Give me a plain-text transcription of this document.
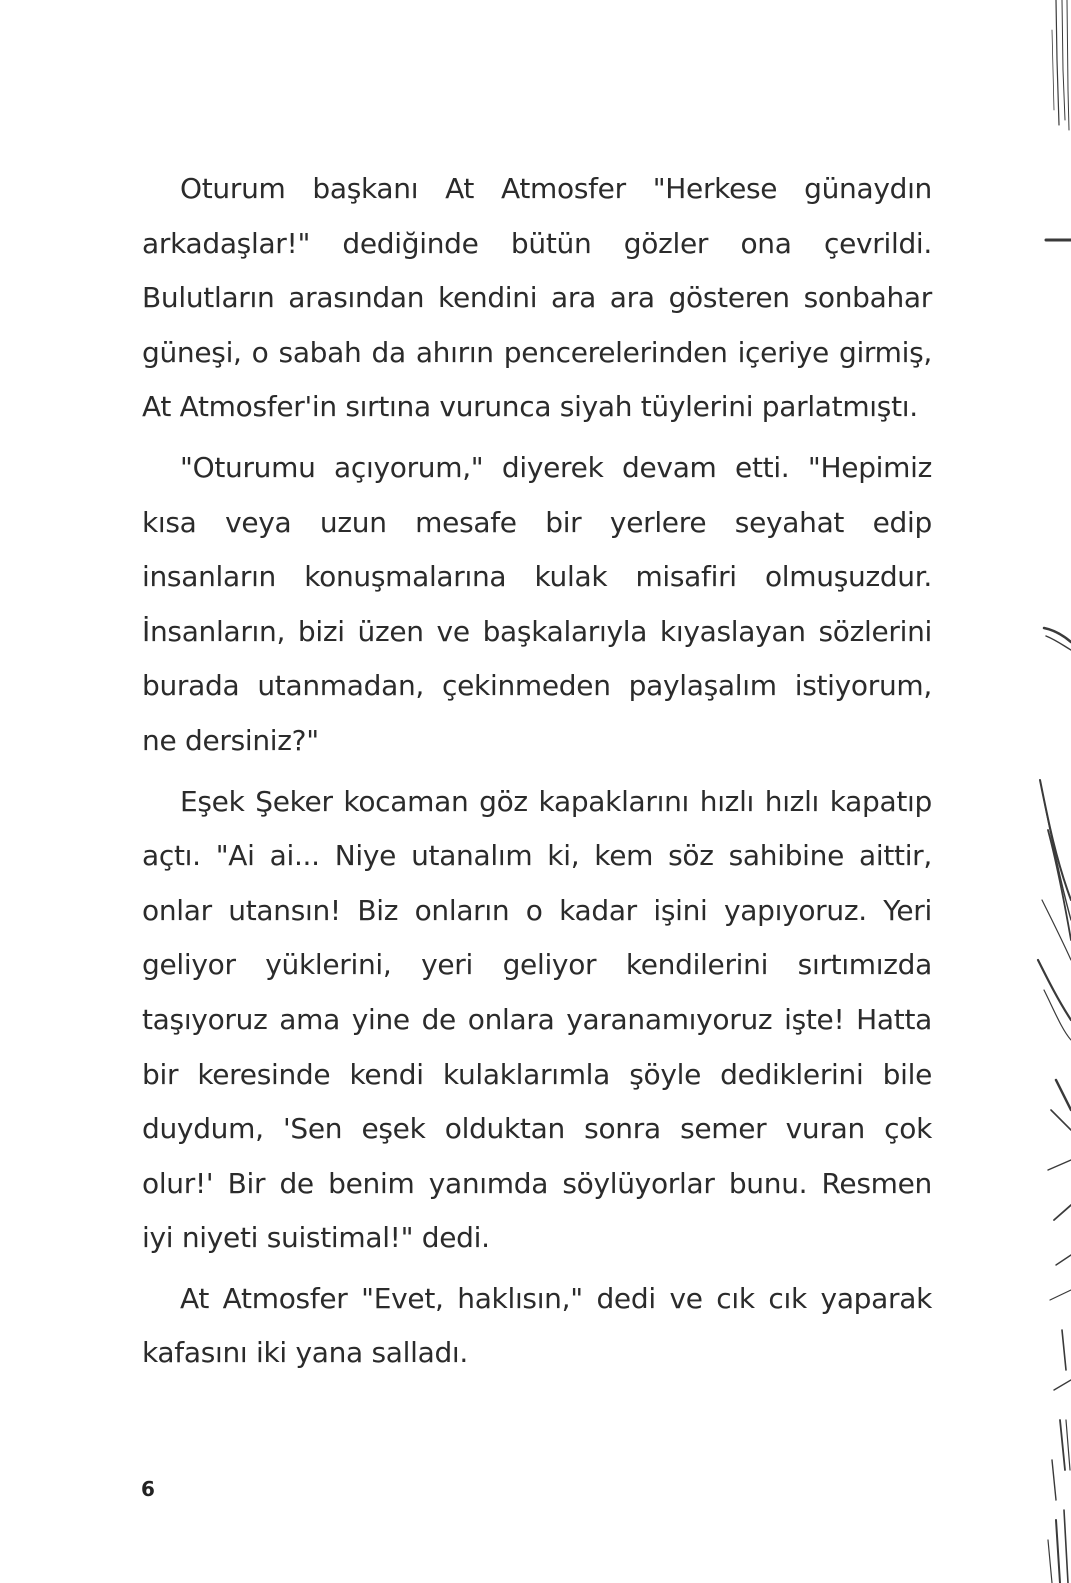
Oturum başkanı At Atmosfer "Herkese günaydın arkadaşlar!" dediğinde bütün gözler ona çevrildi. Bulutların arasından kendini ara ara gösteren sonbahar güneşi, o sabah da ahırın pencerelerinden içeriye girmiş, At Atmosfer'in sırtına vurunca siyah tüylerini parlatmıştı.

"Oturumu açıyorum," diyerek devam etti. "Hepimiz kısa veya uzun mesafe bir yerlere seyahat edip insanların konuşmalarına kulak misafiri olmuşuzdur. İnsanların, bizi üzen ve başkalarıyla kıyaslayan sözlerini burada utanmadan, çekinmeden paylaşalım istiyorum, ne dersiniz?"

Eşek Şeker kocaman göz kapaklarını hızlı hızlı kapatıp açtı. "Ai ai... Niye utanalım ki, kem söz sahibine aittir, onlar utansın! Biz onların o kadar işini yapıyoruz. Yeri geliyor yüklerini, yeri geliyor kendilerini sırtımızda taşıyoruz ama yine de onlara yaranamıyoruz işte! Hatta bir keresinde kendi kulaklarımla şöyle dediklerini bile duydum, 'Sen eşek olduktan sonra semer vuran çok olur!' Bir de benim yanımda söylüyorlar bunu. Resmen iyi niyeti suistimal!" dedi.

At Atmosfer "Evet, haklısın," dedi ve cık cık yaparak kafasını iki yana salladı.

6
